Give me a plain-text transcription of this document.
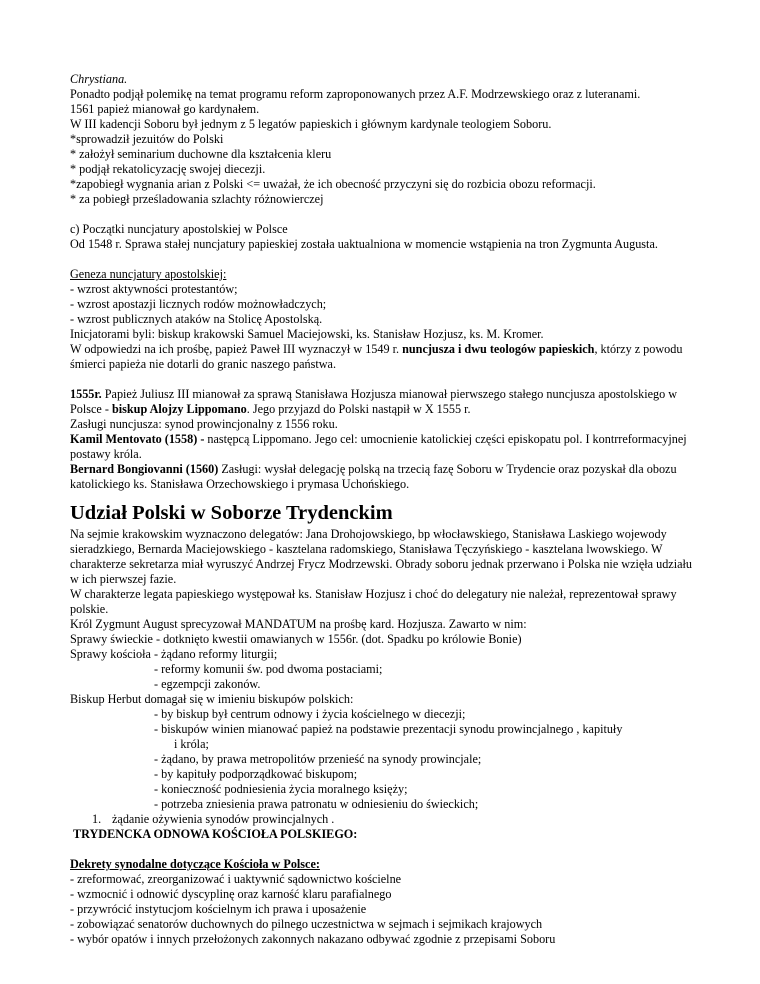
Chrystiana.
Ponadto podjął polemikę na temat programu reform zaproponowanych przez A.F. Modrzewskiego oraz z luteranami.
1561 papież mianował go kardynałem.
W III kadencji Soboru był jednym z 5 legatów papieskich i głównym kardynale teologiem Soboru.
*sprowadził jezuitów do Polski
* założył seminarium duchowne dla kształcenia kleru
* podjął rekatolicyzację swojej diecezji.
*zapobiegł wygnania arian z Polski <= uważał, że ich obecność przyczyni się do rozbicia obozu reformacji.
* za pobiegł prześladowania szlachty różnowierczej
c) Początki nuncjatury apostolskiej w Polsce
Od 1548 r. Sprawa stałej nuncjatury papieskiej została uaktualniona w momencie wstąpienia na tron Zygmunta Augusta.
Geneza nuncjatury apostolskiej:
- wzrost aktywności protestantów;
- wzrost apostazji licznych rodów możnowładczych;
- wzrost publicznych ataków na Stolicę Apostolską.
Inicjatorami byli: biskup krakowski Samuel Maciejowski, ks. Stanisław Hozjusz, ks. M. Kromer.
W odpowiedzi na ich prośbę, papież Paweł III wyznaczył w 1549 r. nuncjusza i dwu teologów papieskich, którzy z powodu śmierci papieża nie dotarli do granic naszego państwa.
1555r. Papież Juliusz III mianował za sprawą Stanisława Hozjusza mianował pierwszego stałego nuncjusza apostolskiego w Polsce - biskup Alojzy Lippomano. Jego przyjazd do Polski nastąpił w X 1555 r.
Zasługi nuncjusza: synod prowincjonalny z 1556 roku.
Kamil Mentovato (1558) - następcą Lippomano. Jego cel: umocnienie katolickiej części episkopatu pol. I kontrreformacyjnej postawy króla.
Bernard Bongiovanni (1560) Zasługi: wysłał delegację polską na trzecią fazę Soboru w Trydencie oraz pozyskał dla obozu katolickiego ks. Stanisława Orzechowskiego i prymasa Uchońskiego.
Udział Polski w Soborze Trydenckim
Na sejmie krakowskim wyznaczono delegatów: Jana Drohojowskiego, bp włocławskiego, Stanisława Laskiego wojewody sieradzkiego, Bernarda Maciejowskiego - kasztelana radomskiego, Stanisława Tęczyńskiego - kasztelana lwowskiego. W charakterze sekretarza miał wyruszyć Andrzej Frycz Modrzewski. Obrady soboru jednak przerwano i Polska nie wzięła udziału w ich pierwszej fazie.
W charakterze legata papieskiego występował ks. Stanisław Hozjusz i choć do delegatury nie należał, reprezentował sprawy polskie.
Król Zygmunt August sprecyzował MANDATUM na prośbę kard. Hozjusza. Zawarto w nim:
Sprawy świeckie - dotknięto kwestii omawianych w 1556r. (dot. Spadku po królowie Bonie)
Sprawy kościoła - żądano reformy liturgii;
- reformy komunii św. pod dwoma postaciami;
- egzempcji zakonów.
Biskup Herbut domagał się w imieniu biskupów polskich:
- by biskup był centrum odnowy i życia kościelnego w diecezji;
- biskupów winien mianować papież na podstawie prezentacji synodu prowincjalnego , kapituły
i króla;
- żądano, by prawa metropolitów przenieść na synody prowincjale;
- by kapituły podporządkować biskupom;
- konieczność podniesienia życia moralnego księży;
- potrzeba zniesienia prawa patronatu w odniesieniu do świeckich;
1. żądanie ożywienia synodów prowincjalnych .
TRYDENCKA ODNOWA KOŚCIOŁA POLSKIEGO:
Dekrety synodalne dotyczące Kościoła w Polsce:
- zreformować, zreorganizować i uaktywnić sądownictwo kościelne
- wzmocnić i odnowić dyscyplinę oraz karność klaru parafialnego
- przywrócić instytucjom kościelnym ich prawa i uposażenie
- zobowiązać senatorów duchownych do pilnego uczestnictwa w sejmach i sejmikach krajowych
- wybór opatów i innych przełożonych zakonnych nakazano odbywać zgodnie z przepisami Soboru
